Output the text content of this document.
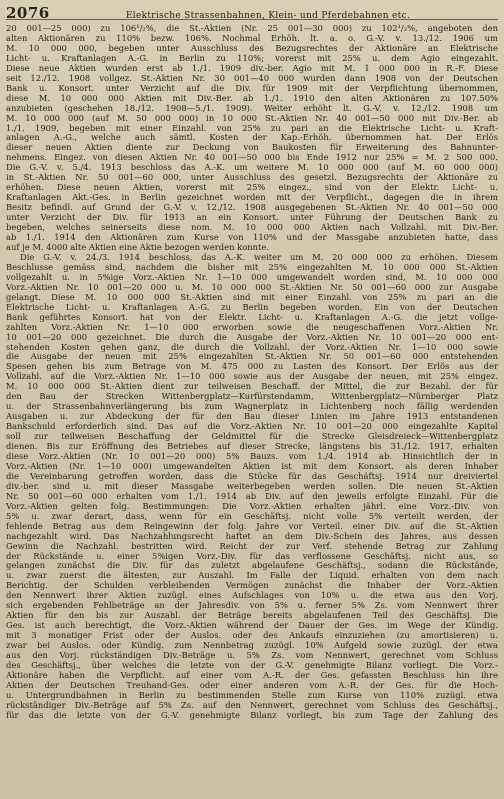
2076	Elektrische Strassenbahnen, Klein- und Pferdebahnen etc.
20 001—25 000) zu 106¹/₂%, die St.-Aktien (Nr. 25 001—30 000) zu 102¹/₂%, angeboten den
alten Aktionären zu 110% bezw. 106%. Nochmal Erhöh. lt. a. o. G.-V. v. 13./12. 1906 um
M. 10 000 000, begeben unter Ausschluss des Bezugsrechtes der Aktionäre an Elektrische
Licht- u. Kraftanlagen A.-G. in Berlin zu 110%; vorerst mit 25% u. dem Agio eingezahlt.
Diese neue Aktien wurden erst ab 1./1. 1909 div.-ber. Agio mit M. 1 000 000 in R.-F. Diese
seit 12./12. 1908 vollgez. St.-Aktien Nr. 30 001—40 000 wurden dann 1908 von der Deutschen
Bank u. Konsort. unter Verzicht auf die Div. für 1909 mit der Verpflichtung übernommen,
diese M. 10 000 000 Aktien mit Div.-Ber. ab 1./1. 1910 den alten Aktionären zu 107.50%
anzubieten (geschehen 18./12. 1908—5./1. 1909). Weiter erhöht lt. G.-V. v. 12./12. 1908 um
M. 10 000 000 (auf M. 50 000 000) in 10 000 St.-Aktien Nr. 40 001—50 000 mit Div.-Ber. ab
1./1. 1909, begeben mit einer Einzahl. von 25% zu pari an die Elektrische Licht- u. Kraft-
anlagen A.-G., welche auch sämtl. Kosten der Kap.-Erhöh. übernommen hat. Der Erlös
dieser neuen Aktien diente zur Deckung von Baukosten für Erweiterung des Bahnunter-
nehmens. Eingez. von diesen Aktien Nr. 40 001—50 000 bis Ende 1912 nur 25% = M. 2 500 000.
Die G.-V. v. 5./4. 1913 beschloss das A.-K. um weitere M. 10 000 000 (auf M. 60 000 000)
in St.-Aktien Nr. 50 001—60 000, unter Ausschluss des gesetzl. Bezugsrechts der Aktionäre zu
erhöhen. Diese neuen Aktien, vorerst mit 25% eingez., sind von der Elektr. Licht- u.
Kraftanlagen Akt.-Ges. in Berlin gezeichnet worden mit der Verpflicht., dagegen die in ihrem
Besitz befindl. auf Grund der G.-V. v. 12./12. 1908 ausgegebenen St.-Aktien Nr. 40 001—50 000
unter Verzicht der Div. für 1913 an ein Konsort. unter Führung der Deutschen Bank zu
begeben, welches seinerseits diese nom. M. 10 000 000 Aktien nach Vollzahl. mit Div.-Ber.
ab 1./1. 1914 den Aktionären zum Kurse von 110% und der Massgabe anzubieten hatte, dass
auf je M. 4000 alte Aktien eine Aktie bezogen werden konnte.
Die G.-V. v. 24./3. 1914 beschloss, das A.-K. weiter um M. 20 000 000 zu erhöhen. Diesem
Beschlusse gemäss sind, nachdem die bisher mit 25% eingezahlten M. 10 000 000 St.-Aktien
vollgezahlt u. in 5%ige Vorz.-Aktien Nr. 1—10 000 umgewandelt worden sind, M. 10 000 000
Vorz.-Aktien Nr. 10 001—20 000 u. M. 10 000 000 St.-Aktien Nr. 50 001—60 000 zur Ausgabe
gelangt. Diese M. 10 000 000 St.-Aktien sind mit einer Einzahl. von 25% zu pari an die
Elektrische Licht- u. Kraftanlagen A.-G. zu Berlin begeben worden. Ein von der Deutschen
Bank geführtes Konsort. hat von der Elektr. Licht- u. Kraftanlagen A.-G. die jetzt vollge-
zahlten Vorz.-Aktien Nr. 1—10 000 erworben sowie die neugeschaffenen Vorz.-Aktien Nr.
10 001—20 000 gezeichnet. Die durch die Ausgabe der Vorz.-Aktien Nr. 10 001—20 000 ent-
stehenden Kosten gehen ganz, die durch die Vollzahl. der Vorz.-Aktien Nr. 1—10 000 sowie
die Ausgabe der neuen mit 25% eingezahlten St.-Aktien Nr. 50 001—60 000 entstehenden
Spesen gehen bis zum Betrage von M. 475 000 zu Lasten des Konsort. Der Erlös aus der
Vollzahl. auf die Vorz.-Aktien Nr. 1—10 000 sowie aus der Ausgabe der neuen, mit 25% eingez.
M. 10 000 000 St.-Aktien dient zur teilweisen Beschaff. der Mittel, die zur Bezahl. der für
den Bau der Strecken Wittenbergplatz—Kurfürstendamm, Wittenbergplatz—Nürnberger Platz
u. der Strassenbahnverlängerung bis zum Wagnerplatz in Lichtenberg noch fällig werdenden
Ausgaben u. zur Abdeckung der für den Bau dieser Linien im Jahre 1913 entstandenen
Bankschuld erforderlich sind. Das auf die Vorz.-Aktien Nr. 10 001—20 000 eingezahlte Kapital
soll zur teilweisen Beschaffung der Geldmittel für die Strecke Gleisdreieck—Wittenbergplatz
dienen. Bis zur Eröffnung des Betriebes auf dieser Strecke, längstens bis 31./12. 1917, erhalten
diese Vorz.-Aktien (Nr. 10 001—20 000) 5% Bauzs. vom 1./4. 1914 ab. Hinsichtlich der in
Vorz.-Aktien (Nr. 1—10 000) umgewandelten Aktien ist mit dem Konsort. als deren Inhaber
die Vereinbarung getroffen worden, dass die Stücke für das Geschäftsj. 1914 nur dreiviertel
div.-ber. sind u. mit dieser Massgabe weiterbegeben werden sollen. Die neuen St.-Aktien
Nr. 50 001—60 000 erhalten vom 1./1. 1914 ab Div. auf den jeweils erfolgte Einzahl. Für die
Vorz.-Aktien gelten folg. Bestimmungen: Die Vorz.-Aktien erhalten jährl. eine Vorz.-Div. von
5% u. zwar derart, dass, wenn für ein Geschäftsj. nicht volle 5% verteilt werden, der
fehlende Betrag aus dem Reingewinn der folg. Jahre vor Verteil. einer Div. auf die St.-Aktien
nachgezahlt wird. Das Nachzahlungsrecht haftet an dem Div.-Schein des Jahres, aus dessen
Gewinn die Nachzahl. bestritten wird. Reicht der zur Verf. stehende Betrag zur Zahlung
der Rückstände u. einer 5%igen Vorz.-Div. für das verflossene Geschäftsj. nicht aus, so
gelangen zunächst die Div. für das zuletzt abgelaufene Geschäftsj., sodann die Rückstände,
u. zwar zuerst die ältesten, zur Auszahl. Im Falle der Liquid. erhalten von dem nach
Berichtig. der Schulden verbleibenden Vermögen zunächst die Inhaber der Vorz.-Aktien
den Nennwert ihrer Aktien zuzügl. eines Aufschlages von 10% u. die etwa aus den Vorj.
sich ergebenden Fehlbeträge an der Jahresdiv. von 5% u. ferner 5% Zs. vom Nennwert ihrer
Aktien für den bis zur Auszahl. der Beträge bereits abgelaufenen Teil des Geschäftsj. Die
Ges. ist auch berechtigt, die Vorz.-Aktien während der Dauer der Ges. im Wege der Kündig.
mit 3 monatiger Frist oder der Auslos. oder des Ankaufs einzuziehen (zu amortisieren) u.
zwar bei Auslos. oder Kündig. zum Nennbetrag zuzügl. 10% Aufgeld sowie zuzügl. der etwa
aus den Vorj. rückständigen Div.-Beträge u. 5% Zs. vom Nennwert, gerechnet vom Schluss
des Geschäftsj., über welches die letzte von der G.-V. genehmigte Bilanz vorliegt. Die Vorz.-
Aktionäre haben die Verpflicht. auf einer vom A.-R. der Ges. gefassten Beschluss hin ihre
Aktien der Deutschen Treuhand-Ges. oder einer anderen vom A.-R. der Ges. für die Hoch-
u. Untergrundbahnen in Berlin zu bestimmenden Stelle zum Kurse von 110% zuzügl. etwa
rückständiger Div.-Beträge auf 5% Zs. auf den Nennwert, gerechnet vom Schluss des Geschäftsj.,
für das die letzte von der G.-V. genehmigte Bilanz vorliegt, bis zum Tage der Zahlung des
